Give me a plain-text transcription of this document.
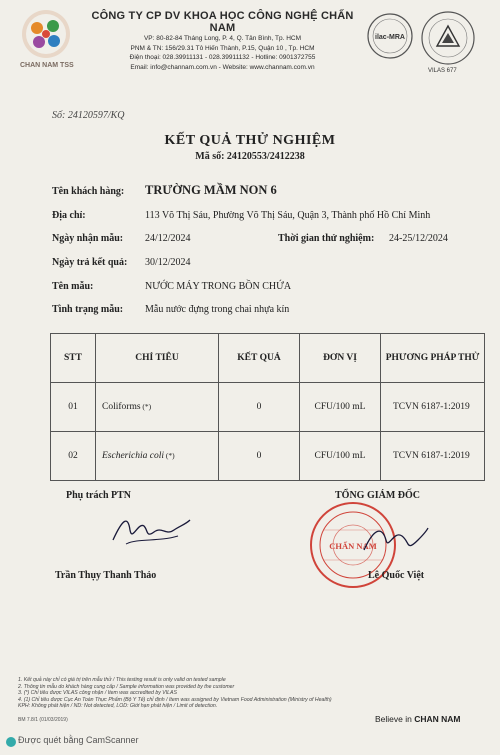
CHAN NAM TSS
CÔNG TY CP DV KHOA HỌC CÔNG NGHỆ CHẤN NAM
VP: 80-82-84 Tháng Long, P. 4, Q. Tân Bình, Tp. HCM
PNM & TN: 156/29.31 Tô Hiến Thành, P.15, Quận 10 , Tp. HCM
Điện thoại: 028.39911131 - 028.39911132 - Hotline: 0901372755
Email: info@channam.com.vn - Website: www.channam.com.vn
ilac-MRA
VILAS 677
Số: 24120597/KQ
KẾT QUẢ THỬ NGHIỆM
Mã số: 24120553/2412238
Tên khách hàng: TRƯỜNG MẦM NON 6
Địa chỉ:	113 Võ Thị Sáu, Phường Võ Thị Sáu, Quận 3, Thành phố Hồ Chí Minh
Ngày nhận mẫu: 24/12/2024	Thời gian thử nghiệm: 24-25/12/2024
Ngày trả kết quả: 30/12/2024
Tên mẫu:	NƯỚC MÁY TRONG BỒN CHỨA
Tình trạng mẫu: Mẫu nước đựng trong chai nhựa kín
STT	CHỈ TIÊU	KẾT QUẢ	ĐƠN VỊ	PHƯƠNG PHÁP THỬ
01	Coliforms (*)	0	CFU/100 mL	TCVN 6187-1:2019
02	Escherichia coli (*)	0	CFU/100 mL	TCVN 6187-1:2019
Phụ trách PTN	TỔNG GIÁM ĐỐC
CHẤN NAM
Trần Thụy Thanh Thảo	Lê Quốc Việt
1. Kết quả này chỉ có giá trị trên mẫu thử / This testing result is only valid on tested sample
2. Thông tin mẫu do khách hàng cung cấp / Sample information was provided by the customer
3. (*) Chỉ tiêu được VILAS công nhận / Item was accredited by VILAS
4. (1) Chỉ tiêu được Cục An Toàn Thực Phẩm (Bộ Y Tế) chỉ định / Item was assigned by Vietnam Food Administration (Ministry of Health)
KPH: Không phát hiện / ND: Not detected, LOD: Giới hạn phát hiện / Limit of detection.
BM 7.8/1 (01/03/2019)	Believe in CHAN NAM
Được quét bằng CamScanner
